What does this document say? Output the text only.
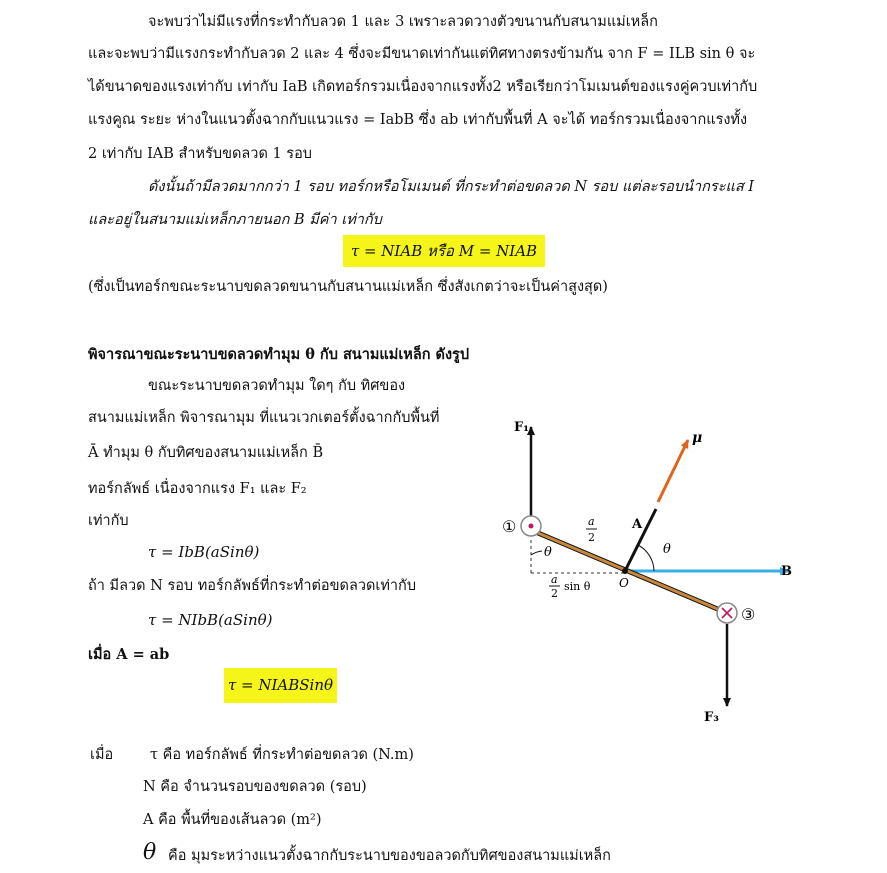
จะพบว่าไม่มีแรงที่กระทำกับลวด 1 และ 3 เพราะลวดวางตัวขนานกับสนามแม่เหล็ก
และจะพบว่ามีแรงกระทำกับลวด 2 และ 4 ซึ่งจะมีขนาดเท่ากันแต่ทิศทางตรงข้ามกัน จาก F = ILB sin θ จะ
ได้ขนาดของแรงเท่ากับ เท่ากับ IaB เกิดทอร์กรวมเนื่องจากแรงทั้ง2 หรือเรียกว่าโมเมนต์ของแรงคู่ควบเท่ากับ
แรงคูณ ระยะ ห่างในแนวตั้งฉากกับแนวแรง = IabB ซึ่ง ab เท่ากับพื้นที่ A จะได้ ทอร์กรวมเนื่องจากแรงทั้ง
2 เท่ากับ IAB สำหรับขดลวด 1 รอบ
ดังนั้นถ้ามีลวดมากกว่า 1 รอบ ทอร์กหรือโมเมนต์ ที่กระทำต่อขดลวด N รอบ แต่ละรอบนำกระแส I
และอยู่ในสนามแม่เหล็กภายนอก B มีค่า เท่ากับ
τ = NIAB หรือ M = NIAB
(ซึ่งเป็นทอร์กขณะระนาบขดลวดขนานกับสนานแม่เหล็ก ซึ่งสังเกตว่าจะเป็นค่าสูงสุด)
พิจารณาขณะระนาบขดลวดทำมุม θ กับ สนามแม่เหล็ก ดังรูป
ขณะระนาบขดลวดทำมุม ใดๆ กับ ทิศของ
สนามแม่เหล็ก พิจารณามุม ที่แนวเวกเตอร์ตั้งฉากกับพื้นที่
Ā ทำมุม θ กับทิศของสนามแม่เหล็ก B̄
ทอร์กลัพธ์ เนื่องจากแรง F₁ และ F₂
เท่ากับ
τ = IbB(aSinθ)
ถ้า มีลวด N รอบ ทอร์กลัพธ์ที่กระทำต่อขดลวดเท่ากับ
τ = NIbB(aSinθ)
เมื่อ A = ab
τ = NIABSinθ
เมื่อ	τ คือ ทอร์กลัพธ์ ที่กระทำต่อขดลวด (N.m)
N คือ จำนวนรอบของขดลวด (รอบ)
A คือ พื้นที่ของเส้นลวด (m²)
θ คือ มุมระหว่างแนวตั้งฉากกับระนาบของขอลวดกับทิศของสนามแม่เหล็ก
F₁
F₃
μ
A
θ
θ
O
B
①
③
a
2
a
2
sin θ
